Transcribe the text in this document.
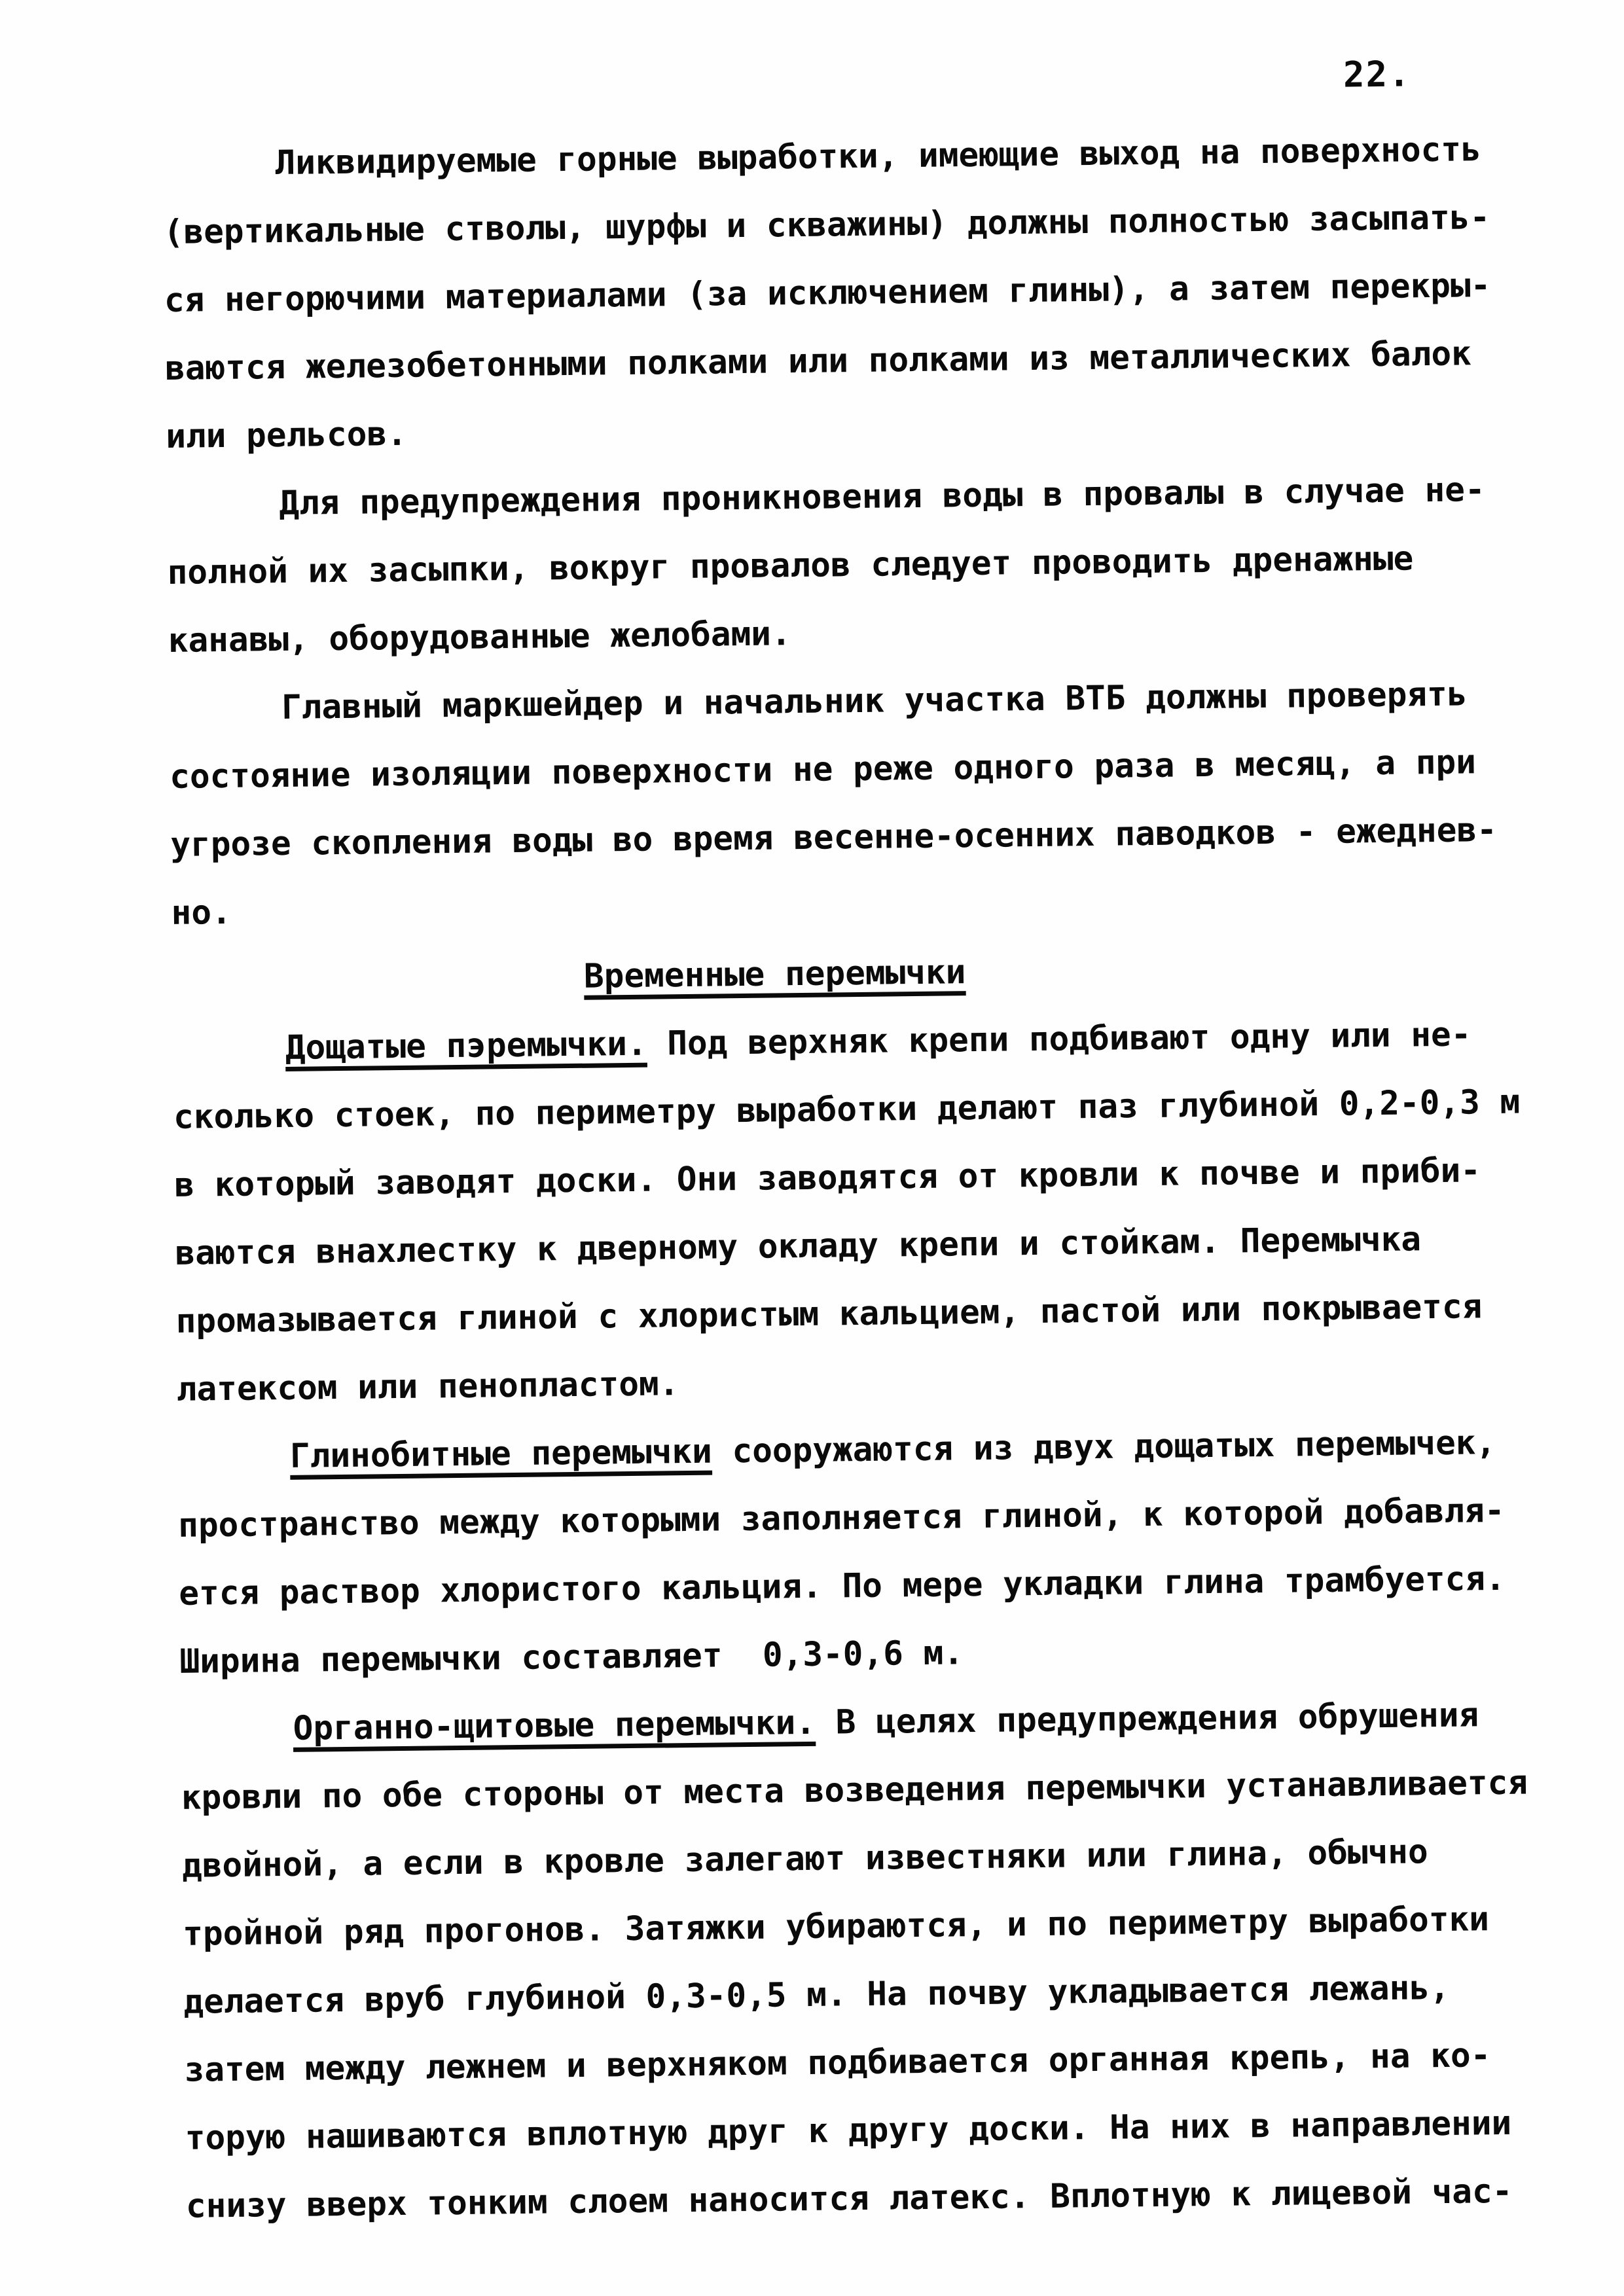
22.
Ликвидируемые горные выработки, имеющие выход на поверхность
(вертикальные стволы, шурфы и скважины) должны полностью засыпать-
ся негорючими материалами (за исключением глины), а затем перекры-
ваются железобетонными полками или полками из металлических балок
или рельсов.
Для предупреждения проникновения воды в провалы в случае не-
полной их засыпки, вокруг провалов следует проводить дренажные
канавы, оборудованные желобами.
Главный маркшейдер и начальник участка ВТБ должны проверять
состояние изоляции поверхности не реже одного раза в месяц, а при
угрозе скопления воды во время весенне-осенних паводков - ежеднев-
но.
Временные перемычки
Дощатые пэремычки. Под верхняк крепи подбивают одну или не-
сколько стоек, по периметру выработки делают паз глубиной 0,2-0,3 м
в который заводят доски. Они заводятся от кровли к почве и приби-
ваются внахлестку к дверному окладу крепи и стойкам. Перемычка
промазывается глиной с хлористым кальцием, пастой или покрывается
латексом или пенопластом.
Глинобитные перемычки сооружаются из двух дощатых перемычек,
пространство между которыми заполняется глиной, к которой добавля-
ется раствор хлористого кальция. По мере укладки глина трамбуется.
Ширина перемычки составляет  0,3-0,6 м.
Органно-щитовые перемычки. В целях предупреждения обрушения
кровли по обе стороны от места возведения перемычки устанавливается
двойной, а если в кровле залегают известняки или глина, обычно
тройной ряд прогонов. Затяжки убираются, и по периметру выработки
делается вруб глубиной 0,3-0,5 м. На почву укладывается лежань,
затем между лежнем и верхняком подбивается органная крепь, на ко-
торую нашиваются вплотную друг к другу доски. На них в направлении
снизу вверх тонким слоем наносится латекс. Вплотную к лицевой час-
